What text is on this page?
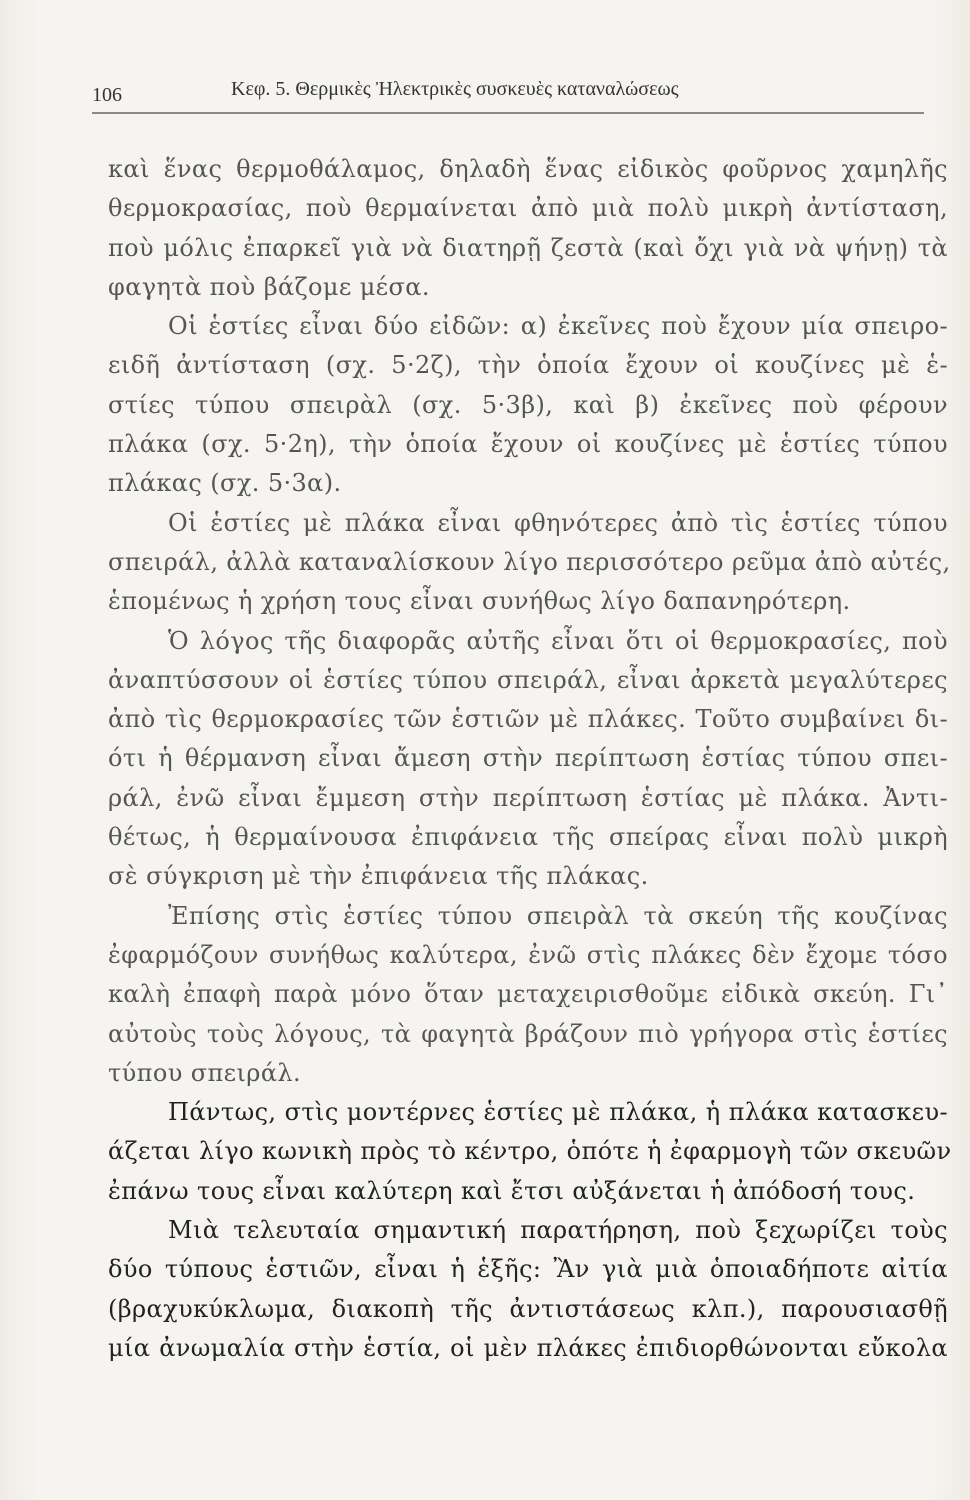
106	Κεφ. 5. Θερμικὲς Ἠλεκτρικὲς συσκευὲς καταναλώσεως
καὶ ἕνας θερμοθάλαμος, δηλαδὴ ἕνας εἰδικὸς φοῦρνος χαμηλῆς
θερμοκρασίας, ποὺ θερμαίνεται ἀπὸ μιὰ πολὺ μικρὴ ἀντίσταση,
ποὺ μόλις ἐπαρκεῖ γιὰ νὰ διατηρῇ ζεστὰ (καὶ ὄχι γιὰ νὰ ψήνῃ) τὰ
φαγητὰ ποὺ βάζομε μέσα.
Οἱ ἑστίες εἶναι δύο εἰδῶν: α) ἐκεῖνες ποὺ ἔχουν μία σπειρο-
ειδῆ ἀντίσταση (σχ. 5·2ζ), τὴν ὁποία ἔχουν οἱ κουζίνες μὲ ἑ-
στίες τύπου σπειρὰλ (σχ. 5·3β), καὶ β) ἐκεῖνες ποὺ φέρουν
πλάκα (σχ. 5·2η), τὴν ὁποία ἔχουν οἱ κουζίνες μὲ ἑστίες τύπου
πλάκας (σχ. 5·3α).
Οἱ ἑστίες μὲ πλάκα εἶναι φθηνότερες ἀπὸ τὶς ἑστίες τύπου
σπειράλ, ἀλλὰ καταναλίσκουν λίγο περισσότερο ρεῦμα ἀπὸ αὐτές,
ἑπομένως ἡ χρήση τους εἶναι συνήθως λίγο δαπανηρότερη.
Ὁ λόγος τῆς διαφορᾶς αὐτῆς εἶναι ὅτι οἱ θερμοκρασίες, ποὺ
ἀναπτύσσουν οἱ ἑστίες τύπου σπειράλ, εἶναι ἀρκετὰ μεγαλύτερες
ἀπὸ τὶς θερμοκρασίες τῶν ἑστιῶν μὲ πλάκες. Τοῦτο συμβαίνει δι-
ότι ἡ θέρμανση εἶναι ἄμεση στὴν περίπτωση ἑστίας τύπου σπει-
ράλ, ἐνῶ εἶναι ἔμμεση στὴν περίπτωση ἑστίας μὲ πλάκα. Ἀντι-
θέτως, ἡ θερμαίνουσα ἐπιφάνεια τῆς σπείρας εἶναι πολὺ μικρὴ
σὲ σύγκριση μὲ τὴν ἐπιφάνεια τῆς πλάκας.
Ἐπίσης στὶς ἑστίες τύπου σπειρὰλ τὰ σκεύη τῆς κουζίνας
ἐφαρμόζουν συνήθως καλύτερα, ἐνῶ στὶς πλάκες δὲν ἔχομε τόσο
καλὴ ἐπαφὴ παρὰ μόνο ὅταν μεταχειρισθοῦμε εἰδικὰ σκεύη. Γι᾿
αὐτοὺς τοὺς λόγους, τὰ φαγητὰ βράζουν πιὸ γρήγορα στὶς ἑστίες
τύπου σπειράλ.
Πάντως, στὶς μοντέρνες ἑστίες μὲ πλάκα, ἡ πλάκα κατασκευ-
άζεται λίγο κωνικὴ πρὸς τὸ κέντρο, ὁπότε ἡ ἐφαρμογὴ τῶν σκευῶν
ἐπάνω τους εἶναι καλύτερη καὶ ἔτσι αὐξάνεται ἡ ἀπόδοσή τους.
Μιὰ τελευταία σημαντική παρατήρηση, ποὺ ξεχωρίζει τοὺς
δύο τύπους ἑστιῶν, εἶναι ἡ ἑξῆς: Ἂν γιὰ μιὰ ὁποιαδήποτε αἰτία
(βραχυκύκλωμα, διακοπὴ τῆς ἀντιστάσεως κλπ.), παρουσιασθῇ
μία ἀνωμαλία στὴν ἑστία, οἱ μὲν πλάκες ἐπιδιορθώνονται εὔκολα
